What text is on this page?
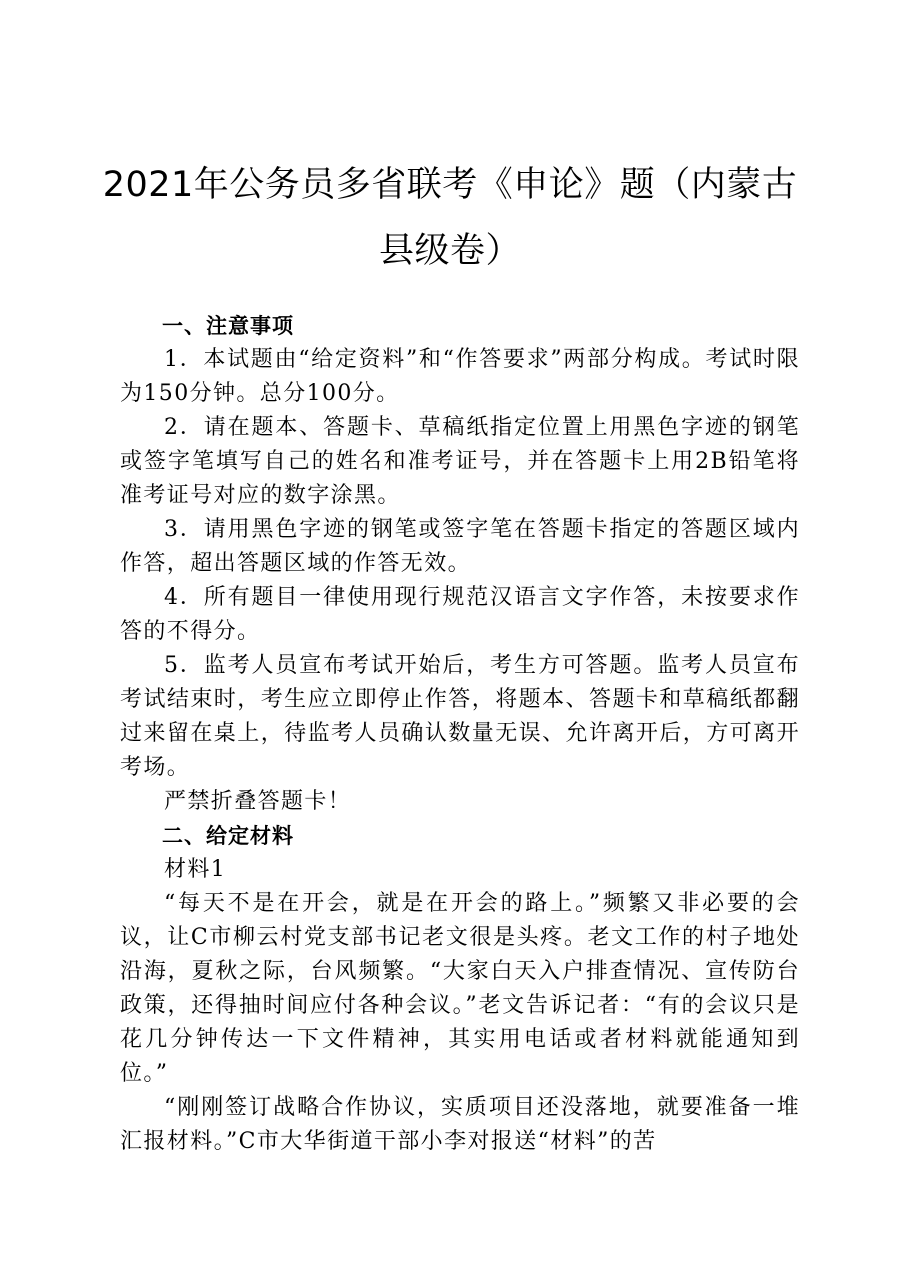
2021年公务员多省联考《申论》题（内蒙古
县级卷）

一、注意事项

1．本试题由“给定资料”和“作答要求”两部分构成。考试时限为150分钟。总分100分。

2．请在题本、答题卡、草稿纸指定位置上用黑色字迹的钢笔或签字笔填写自己的姓名和准考证号，并在答题卡上用2B铅笔将准考证号对应的数字涂黑。

3．请用黑色字迹的钢笔或签字笔在答题卡指定的答题区域内作答，超出答题区域的作答无效。

4．所有题目一律使用现行规范汉语言文字作答，未按要求作答的不得分。

5．监考人员宣布考试开始后，考生方可答题。监考人员宣布考试结束时，考生应立即停止作答，将题本、答题卡和草稿纸都翻过来留在桌上，待监考人员确认数量无误、允许离开后，方可离开考场。

严禁折叠答题卡！

二、给定材料

材料1

“每天不是在开会，就是在开会的路上。”频繁又非必要的会议，让C市柳云村党支部书记老文很是头疼。老文工作的村子地处沿海，夏秋之际，台风频繁。“大家白天入户排查情况、宣传防台政策，还得抽时间应付各种会议。”老文告诉记者：“有的会议只是花几分钟传达一下文件精神，其实用电话或者材料就能通知到位。”

“刚刚签订战略合作协议，实质项目还没落地，就要准备一堆汇报材料。”C市大华街道干部小李对报送“材料”的苦
